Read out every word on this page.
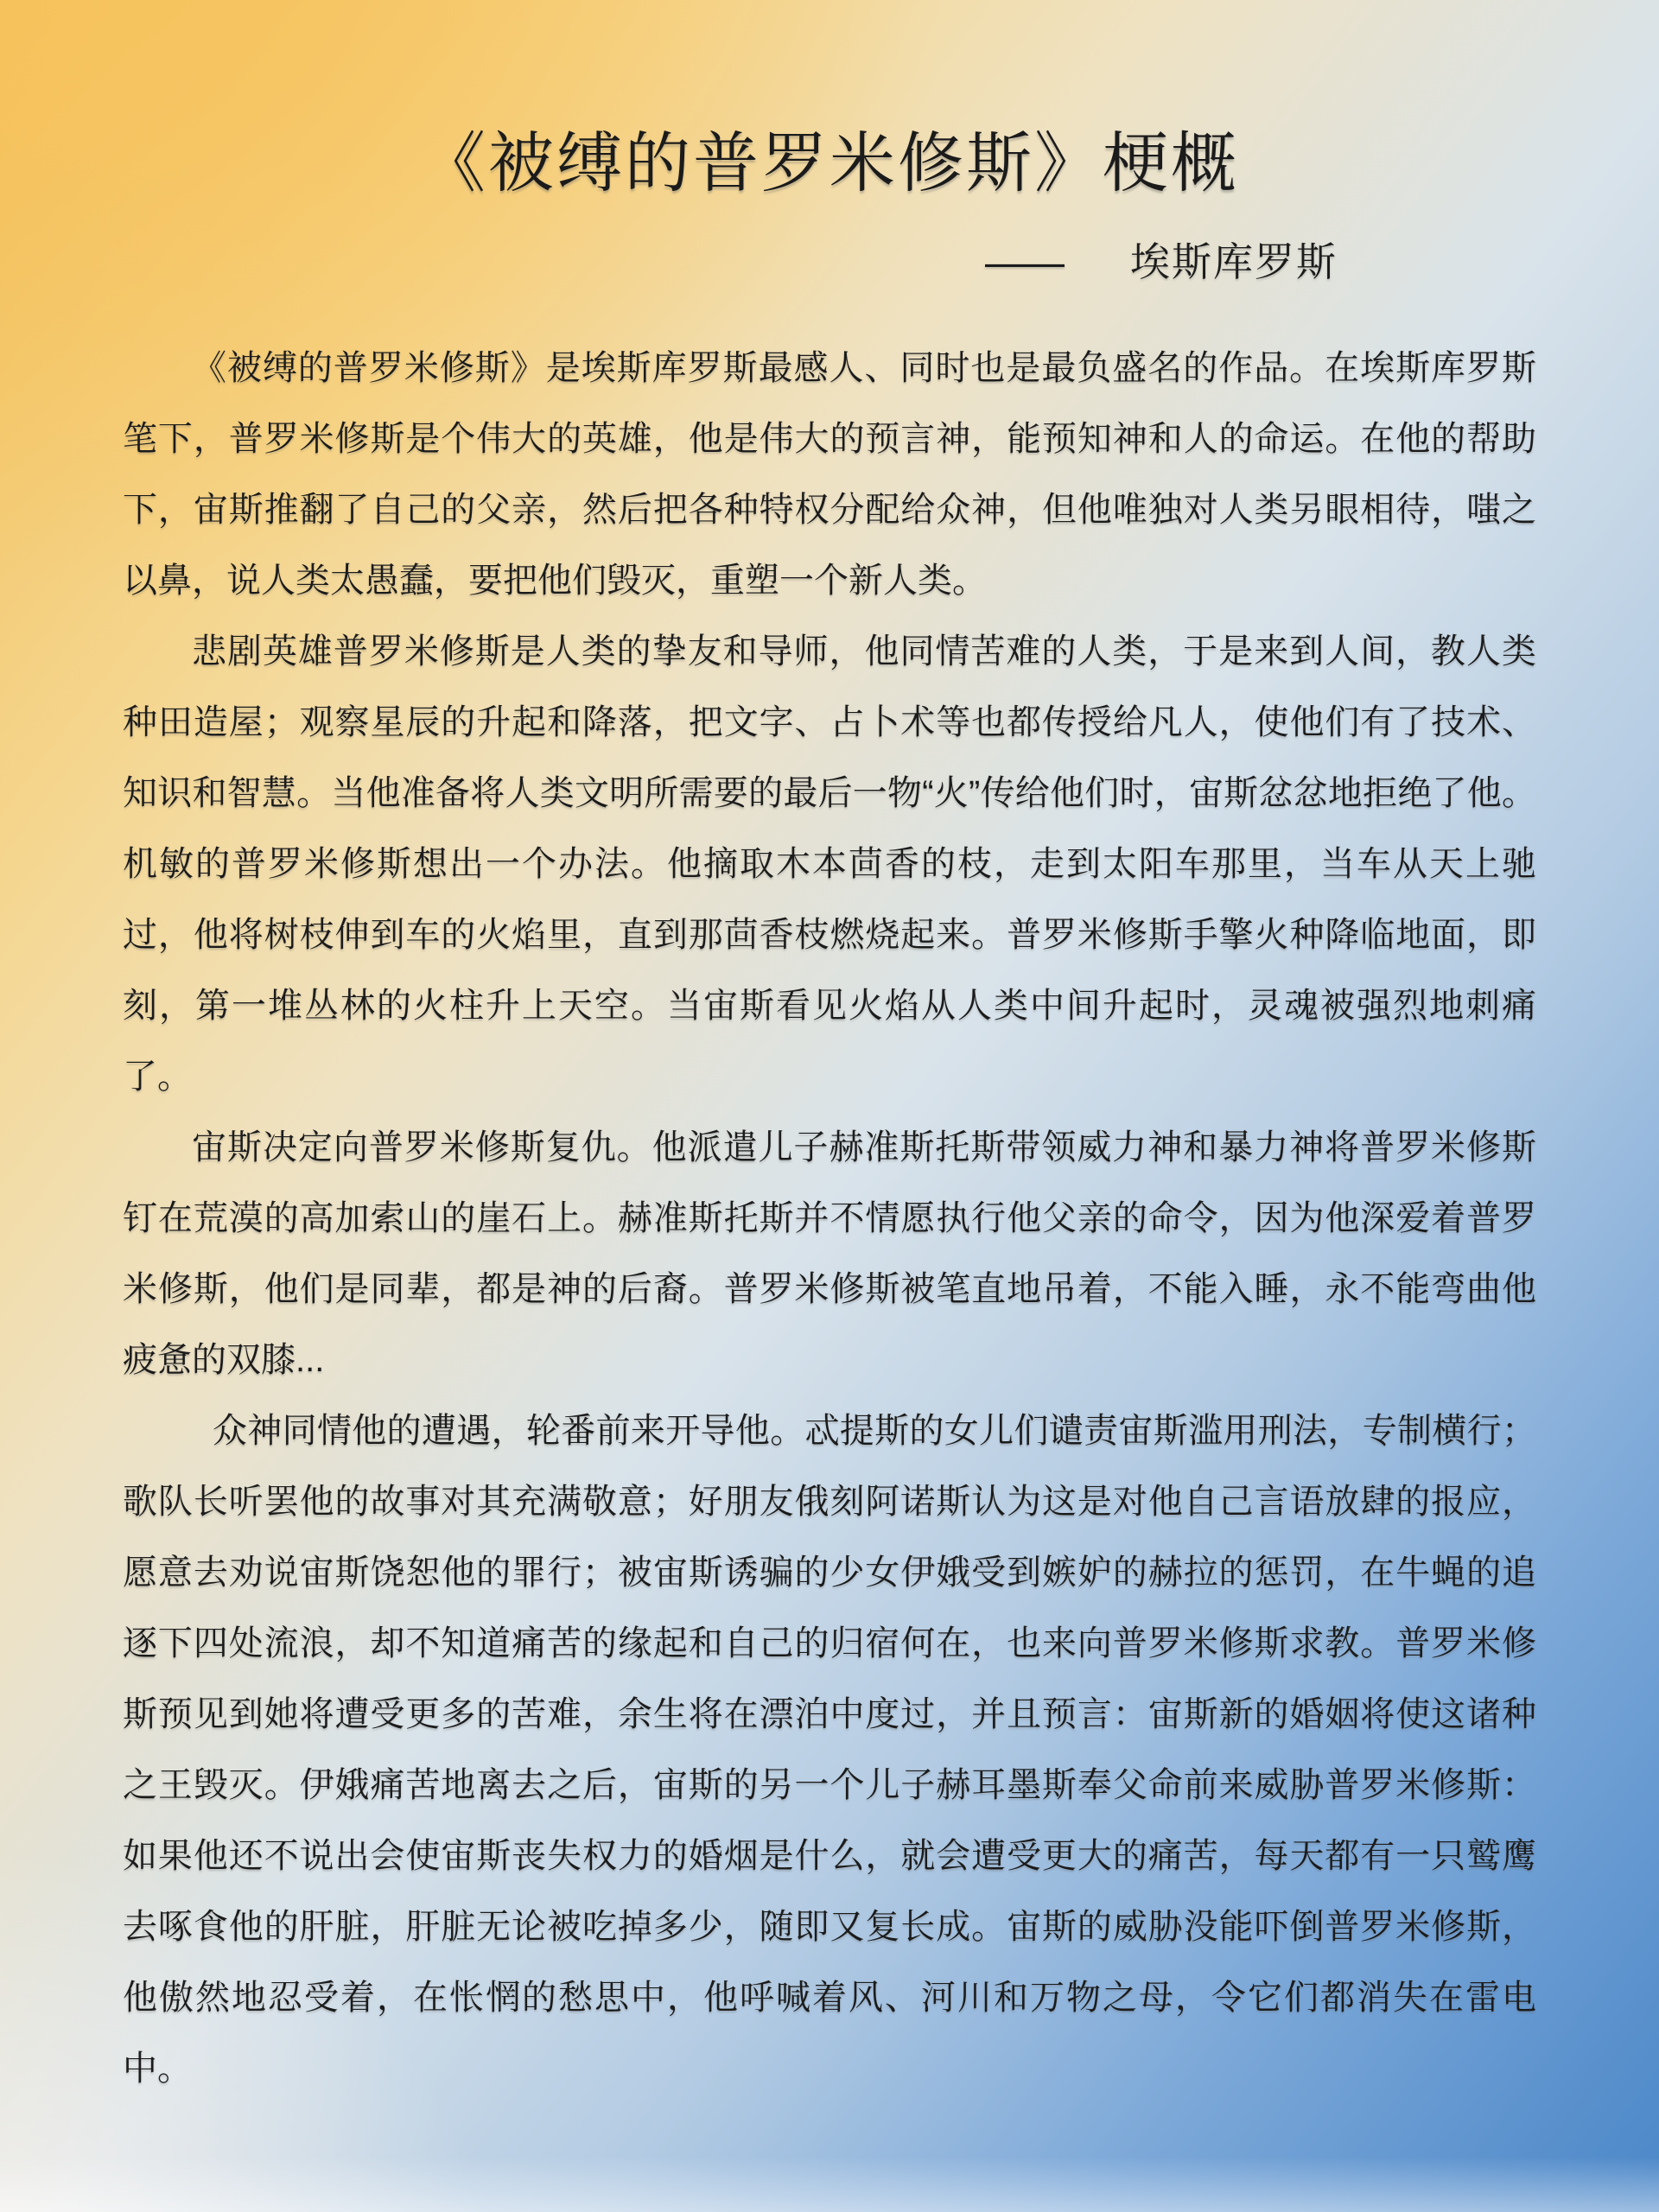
《被缚的普罗米修斯》梗概
—— 埃斯库罗斯

《被缚的普罗米修斯》是埃斯库罗斯最感人、同时也是最负盛名的作品。在埃斯库罗斯笔下，普罗米修斯是个伟大的英雄，他是伟大的预言神，能预知神和人的命运。在他的帮助下，宙斯推翻了自己的父亲，然后把各种特权分配给众神，但他唯独对人类另眼相待，嗤之以鼻，说人类太愚蠢，要把他们毁灭，重塑一个新人类。

悲剧英雄普罗米修斯是人类的挚友和导师，他同情苦难的人类，于是来到人间，教人类种田造屋；观察星辰的升起和降落，把文字、占卜术等也都传授给凡人，使他们有了技术、知识和智慧。当他准备将人类文明所需要的最后一物“火”传给他们时，宙斯忿忿地拒绝了他。机敏的普罗米修斯想出一个办法。他摘取木本茴香的枝，走到太阳车那里，当车从天上驰过，他将树枝伸到车的火焰里，直到那茴香枝燃烧起来。普罗米修斯手擎火种降临地面，即刻，第一堆丛林的火柱升上天空。当宙斯看见火焰从人类中间升起时，灵魂被强烈地刺痛了。

宙斯决定向普罗米修斯复仇。他派遣儿子赫准斯托斯带领威力神和暴力神将普罗米修斯钉在荒漠的高加索山的崖石上。赫准斯托斯并不情愿执行他父亲的命令，因为他深爱着普罗米修斯，他们是同辈，都是神的后裔。普罗米修斯被笔直地吊着，不能入睡，永不能弯曲他疲惫的双膝...

众神同情他的遭遇，轮番前来开导他。忒提斯的女儿们谴责宙斯滥用刑法，专制横行；歌队长听罢他的故事对其充满敬意；好朋友俄刻阿诺斯认为这是对他自己言语放肆的报应，愿意去劝说宙斯饶恕他的罪行；被宙斯诱骗的少女伊娥受到嫉妒的赫拉的惩罚，在牛蝇的追逐下四处流浪，却不知道痛苦的缘起和自己的归宿何在，也来向普罗米修斯求教。普罗米修斯预见到她将遭受更多的苦难，余生将在漂泊中度过，并且预言：宙斯新的婚姻将使这诸种之王毁灭。伊娥痛苦地离去之后，宙斯的另一个儿子赫耳墨斯奉父命前来威胁普罗米修斯：如果他还不说出会使宙斯丧失权力的婚烟是什么，就会遭受更大的痛苦，每天都有一只鹫鹰去啄食他的肝脏，肝脏无论被吃掉多少，随即又复长成。宙斯的威胁没能吓倒普罗米修斯，他傲然地忍受着，在怅惘的愁思中，他呼喊着风、河川和万物之母，令它们都消失在雷电中。
